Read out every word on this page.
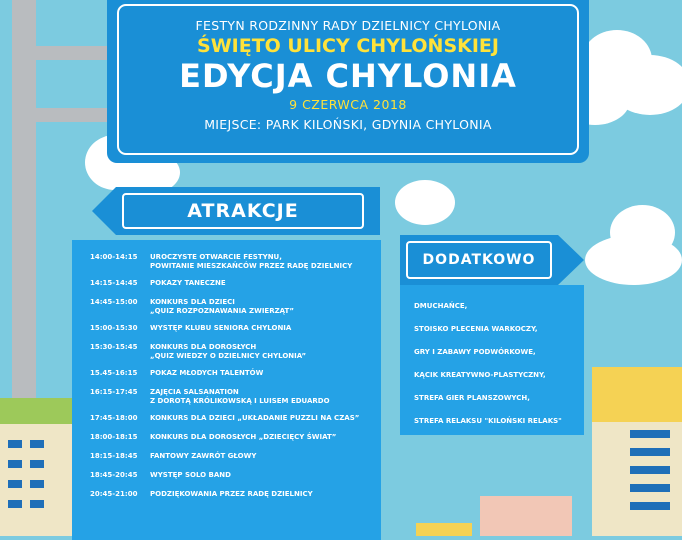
FESTYN RODZINNY RADY DZIELNICY CHYLONIA
ŚWIĘTO ULICY CHYLOŃSKIEJ
EDYCJA CHYLONIA
9 CZERWCA 2018
MIEJSCE: PARK KILOŃSKI, GDYNIA CHYLONIA
ATRAKCJE
14:00-14:15	UROCZYSTE OTWARCIE FESTYNU,
POWITANIE MIESZKAŃCÓW PRZEZ RADĘ DZIELNICY
14:15-14:45	POKAZY TANECZNE
14:45-15:00	KONKURS DLA DZIECI
„QUIZ ROZPOZNAWANIA ZWIERZĄT”
15:00-15:30	WYSTĘP KLUBU SENIORA CHYLONIA
15:30-15:45	KONKURS DLA DOROSŁYCH
„QUIZ WIEDZY O DZIELNICY CHYLONIA”
15.45-16:15	POKAZ MŁODYCH TALENTÓW
16:15-17:45	ZAJĘCIA SALSANATION
Z DOROTĄ KRÓLIKOWSKĄ I LUISEM EDUARDO
17:45-18:00	KONKURS DLA DZIECI „UKŁADANIE PUZZLI NA CZAS”
18:00-18:15	KONKURS DLA DOROSŁYCH „DZIECIĘCY ŚWIAT”
18:15-18:45	FANTOWY ZAWRÓT GŁOWY
18:45-20:45	WYSTĘP SOLO BAND
20:45-21:00	PODZIĘKOWANIA PRZEZ RADĘ DZIELNICY
DODATKOWO
DMUCHAŃCE,
STOISKO PLECENIA WARKOCZY,
GRY I ZABAWY PODWÓRKOWE,
KĄCIK KREATYWNO-PLASTYCZNY,
STREFA GIER PLANSZOWYCH,
STREFA RELAKSU "KILOŃSKI RELAKS"
